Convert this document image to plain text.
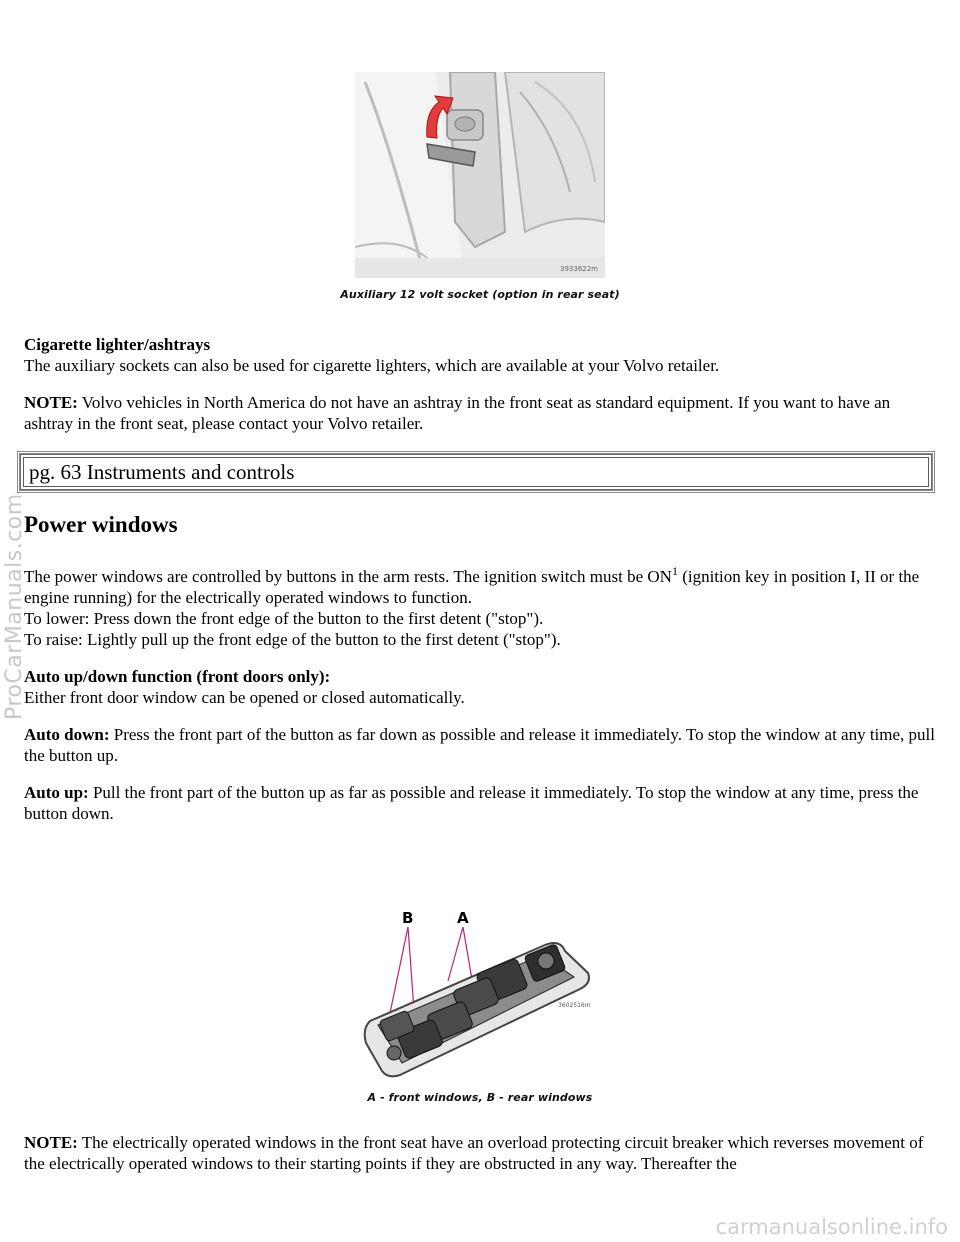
3933622m
Auxiliary 12 volt socket (option in rear seat)

Cigarette lighter/ashtrays

The auxiliary sockets can also be used for cigarette lighters, which are available at your Volvo retailer.

NOTE: Volvo vehicles in North America do not have an ashtray in the front seat as standard equipment. If you want to have an ashtray in the front seat, please contact your Volvo retailer.

pg. 63 Instruments and controls
Power windows

The power windows are controlled by buttons in the arm rests. The ignition switch must be $ON^1$ (ignition key in position I, II or the engine running) for the electrically operated windows to function.

To lower: Press down the front edge of the button to the first detent ("stop").

To raise: Lightly pull up the front edge of the button to the first detent ("stop").

Auto up/down function (front doors only):

Either front door window can be opened or closed automatically.

Auto down: Press the front part of the button as far down as possible and release it immediately. To stop the window at any time, pull the button up.

Auto up: Pull the front part of the button up as far as possible and release it immediately. To stop the window at any time, press the button down.

B	A
3602516m
A - front windows, B - rear windows

NOTE: The electrically operated windows in the front seat have an overload protecting circuit breaker which reverses movement of the electrically operated windows to their starting points if they are obstructed in any way. Thereafter the

ProCarManuals.com
carmanualsonline.info
